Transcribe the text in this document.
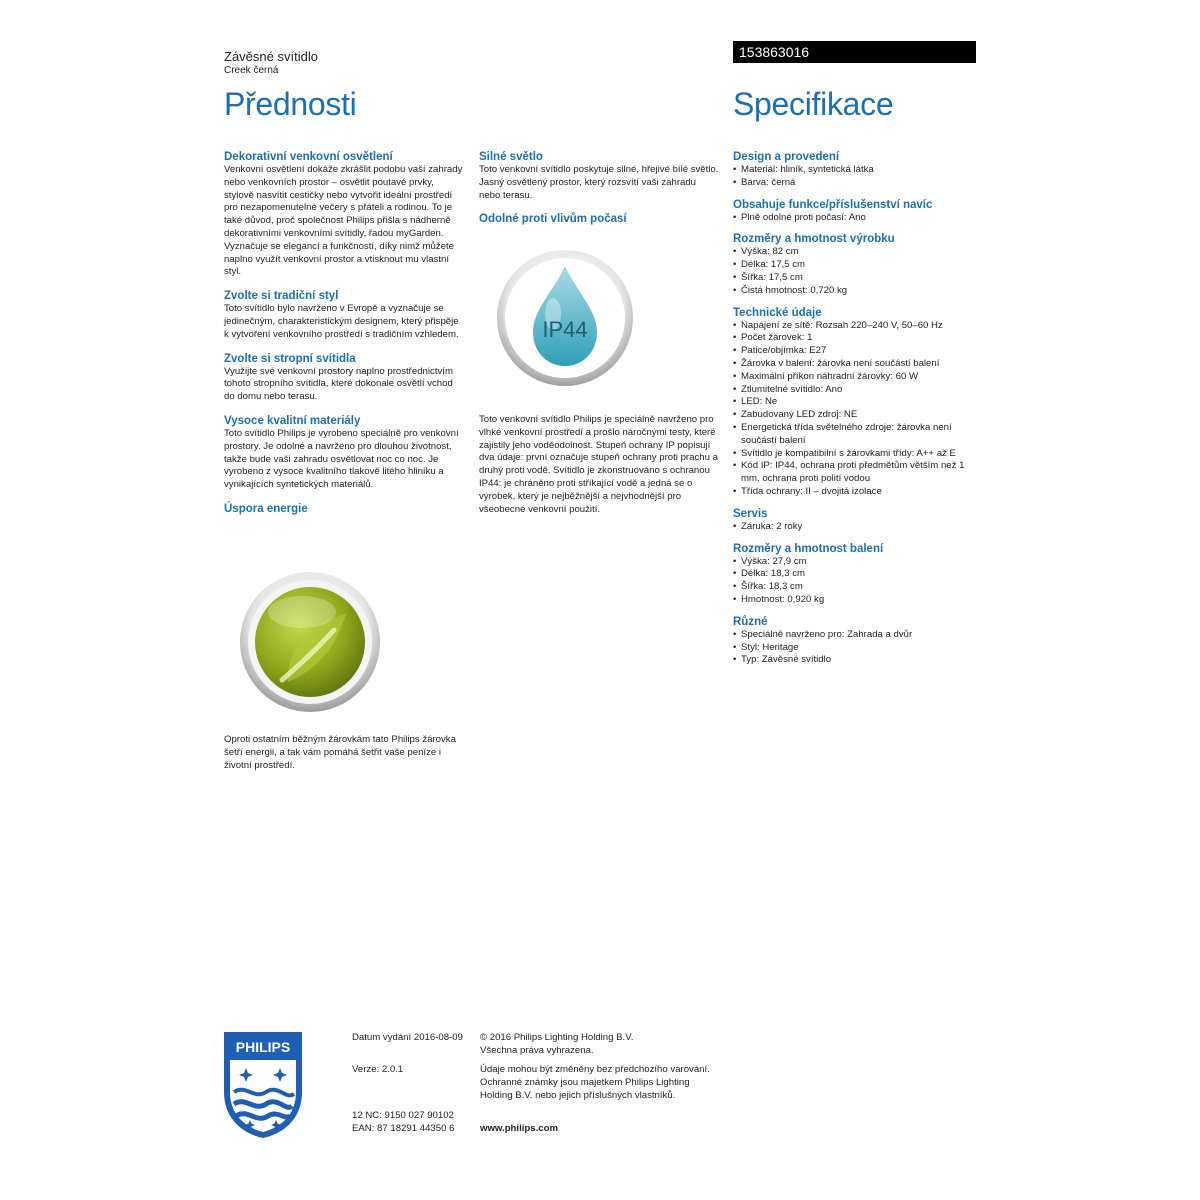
Závěsné svítidlo
Creek černá
153863016
Přednosti	Specifikace
Dekorativní venkovní osvětlení
Venkovní osvětlení dokáže zkrášlit podobu vaší zahrady nebo venkovních prostor – osvětlit poutavé prvky, stylově nasvítit cestičky nebo vytvořit ideální prostředí pro nezapomenutelné večery s přáteli a rodinou. To je také důvod, proč společnost Philips přišla s nádherně dekorativními venkovními svítidly, řadou myGarden. Vyznačuje se elegancí a funkčností, díky nimž můžete naplno využít venkovní prostor a vtisknout mu vlastní styl.
Zvolte si tradiční styl
Toto svítidlo bylo navrženo v Evropě a vyznačuje se jedinečným, charakteristickým designem, který přispěje k vytvoření venkovního prostředí s tradičním vzhledem.
Zvolte si stropní svítidla
Využijte své venkovní prostory naplno prostřednictvím tohoto stropního svítidla, které dokonale osvětlí vchod do domu nebo terasu.
Vysoce kvalitní materiály
Toto svítidlo Philips je vyrobeno speciálně pro venkovní prostory. Je odolné a navrženo pro dlouhou životnost, takže bude vaši zahradu osvětlovat noc co noc. Je vyrobeno z vysoce kvalitního tlakově litého hliníku a vynikajících syntetických materiálů.
Úspora energie
Oproti ostatním běžným žárovkám tato Philips žárovka šetří energii, a tak vám pomáhá šetřit vaše peníze i životní prostředí.
Silné světlo
Toto venkovní svítidlo poskytuje silné, hřejivé bílé světlo. Jasný osvětlený prostor, který rozsvítí vaši zahradu nebo terasu.
Odolné proti vlivům počasí
IP44
Toto venkovní svítidlo Philips je speciálně navrženo pro vlhké venkovní prostředí a prošlo náročnými testy, které zajistily jeho voděodolnost. Stupeň ochrany IP popisují dva údaje: první označuje stupeň ochrany proti prachu a druhý proti vodě. Svítidlo je zkonstruováno s ochranou IP44: je chráněno proti stříkající vodě a jedná se o výrobek, který je nejběžnější a nejvhodnější pro všeobecné venkovní použití.
Design a provedení
• Materiál: hliník, syntetická látka
• Barva: černá
Obsahuje funkce/příslušenství navíc
• Plně odolné proti počasí: Ano
Rozměry a hmotnost výrobku
• Výška: 82 cm
• Délka: 17,5 cm
• Šířka: 17,5 cm
• Čistá hmotnost: 0,720 kg
Technické údaje
• Napájení ze sítě: Rozsah 220–240 V, 50–60 Hz
• Počet žárovek: 1
• Patice/objímka: E27
• Žárovka v balení: žárovka není součástí balení
• Maximální příkon náhradní žárovky: 60 W
• Ztlumitelné svítidlo: Ano
• LED: Ne
• Zabudovaný LED zdroj: NE
• Energetická třída světelného zdroje: žárovka není součástí balení
• Svítidlo je kompatibilní s žárovkami třídy: A++ až E
• Kód IP: IP44, ochrana proti předmětům větším než 1 mm, ochrana proti polití vodou
• Třída ochrany: II – dvojitá izolace
Servis
• Záruka: 2 roky
Rozměry a hmotnost balení
• Výška: 27,9 cm
• Délka: 18,3 cm
• Šířka: 18,3 cm
• Hmotnost: 0,920 kg
Různé
• Speciálně navrženo pro: Zahrada a dvůr
• Styl: Heritage
• Typ: Závěsné svítidlo
PHILIPS
Datum vydání 2016-08-09
Verze: 2.0.1
12 NC: 9150 027 90102
EAN: 87 18291 44350 6
© 2016 Philips Lighting Holding B.V.
Všechna práva vyhrazena.
Údaje mohou být změněny bez předchozího varování. Ochranné známky jsou majetkem Philips Lighting Holding B.V. nebo jejich příslušných vlastníků.
www.philips.com
